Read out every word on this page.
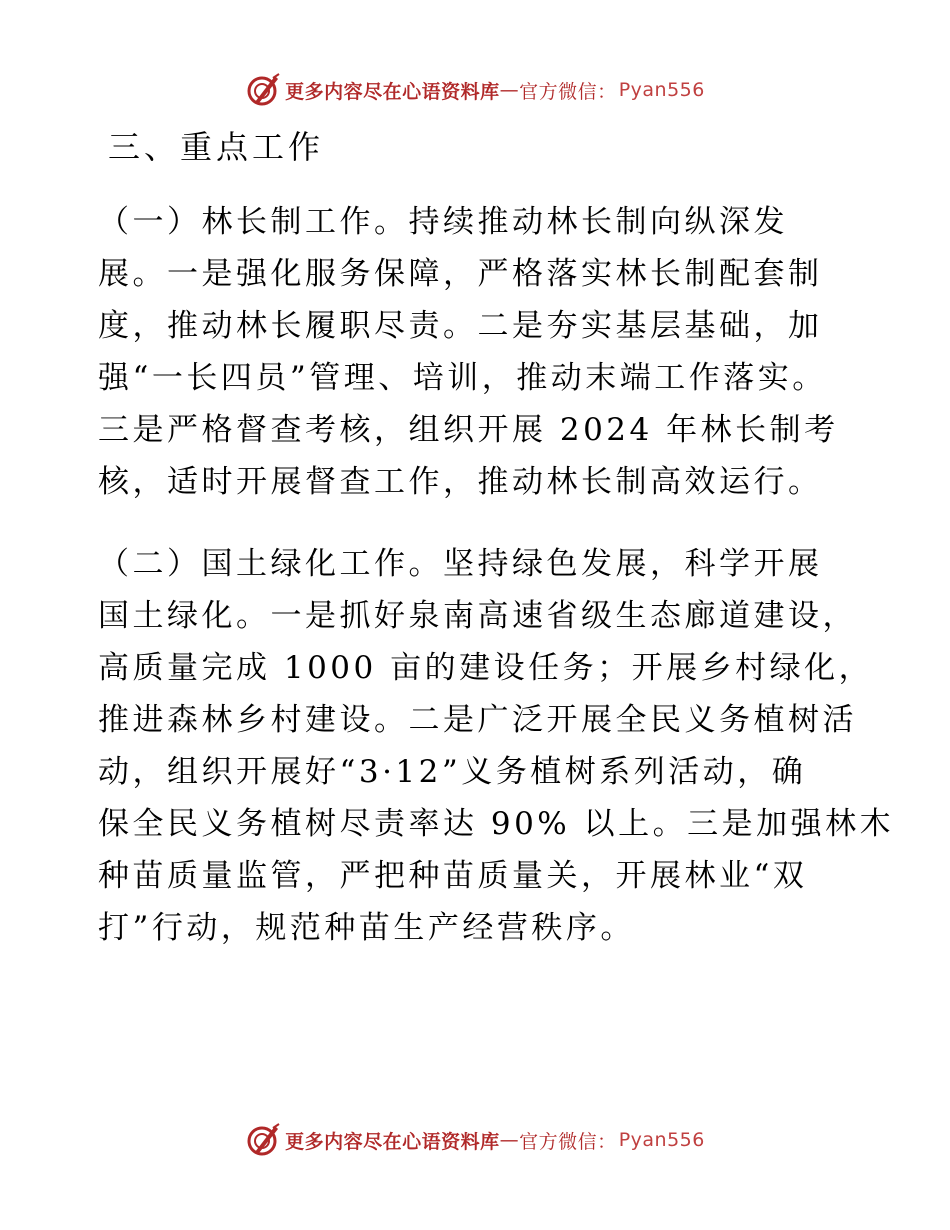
更多内容尽在心语资料库 — 官方微信： Pyan556
三、重点工作

（一）林长制工作。持续推动林长制向纵深发
展。一是强化服务保障，严格落实林长制配套制
度，推动林长履职尽责。二是夯实基层基础，加
强“一长四员”管理、培训，推动末端工作落实。
三是严格督查考核，组织开展 2024 年林长制考
核，适时开展督查工作，推动林长制高效运行。

（二）国土绿化工作。坚持绿色发展，科学开展
国土绿化。一是抓好泉南高速省级生态廊道建设，
高质量完成 1000 亩的建设任务；开展乡村绿化，
推进森林乡村建设。二是广泛开展全民义务植树活
动，组织开展好“3·12”义务植树系列活动，确
保全民义务植树尽责率达 90% 以上。三是加强林木
种苗质量监管，严把种苗质量关，开展林业“双
打”行动，规范种苗生产经营秩序。

更多内容尽在心语资料库 — 官方微信： Pyan556
